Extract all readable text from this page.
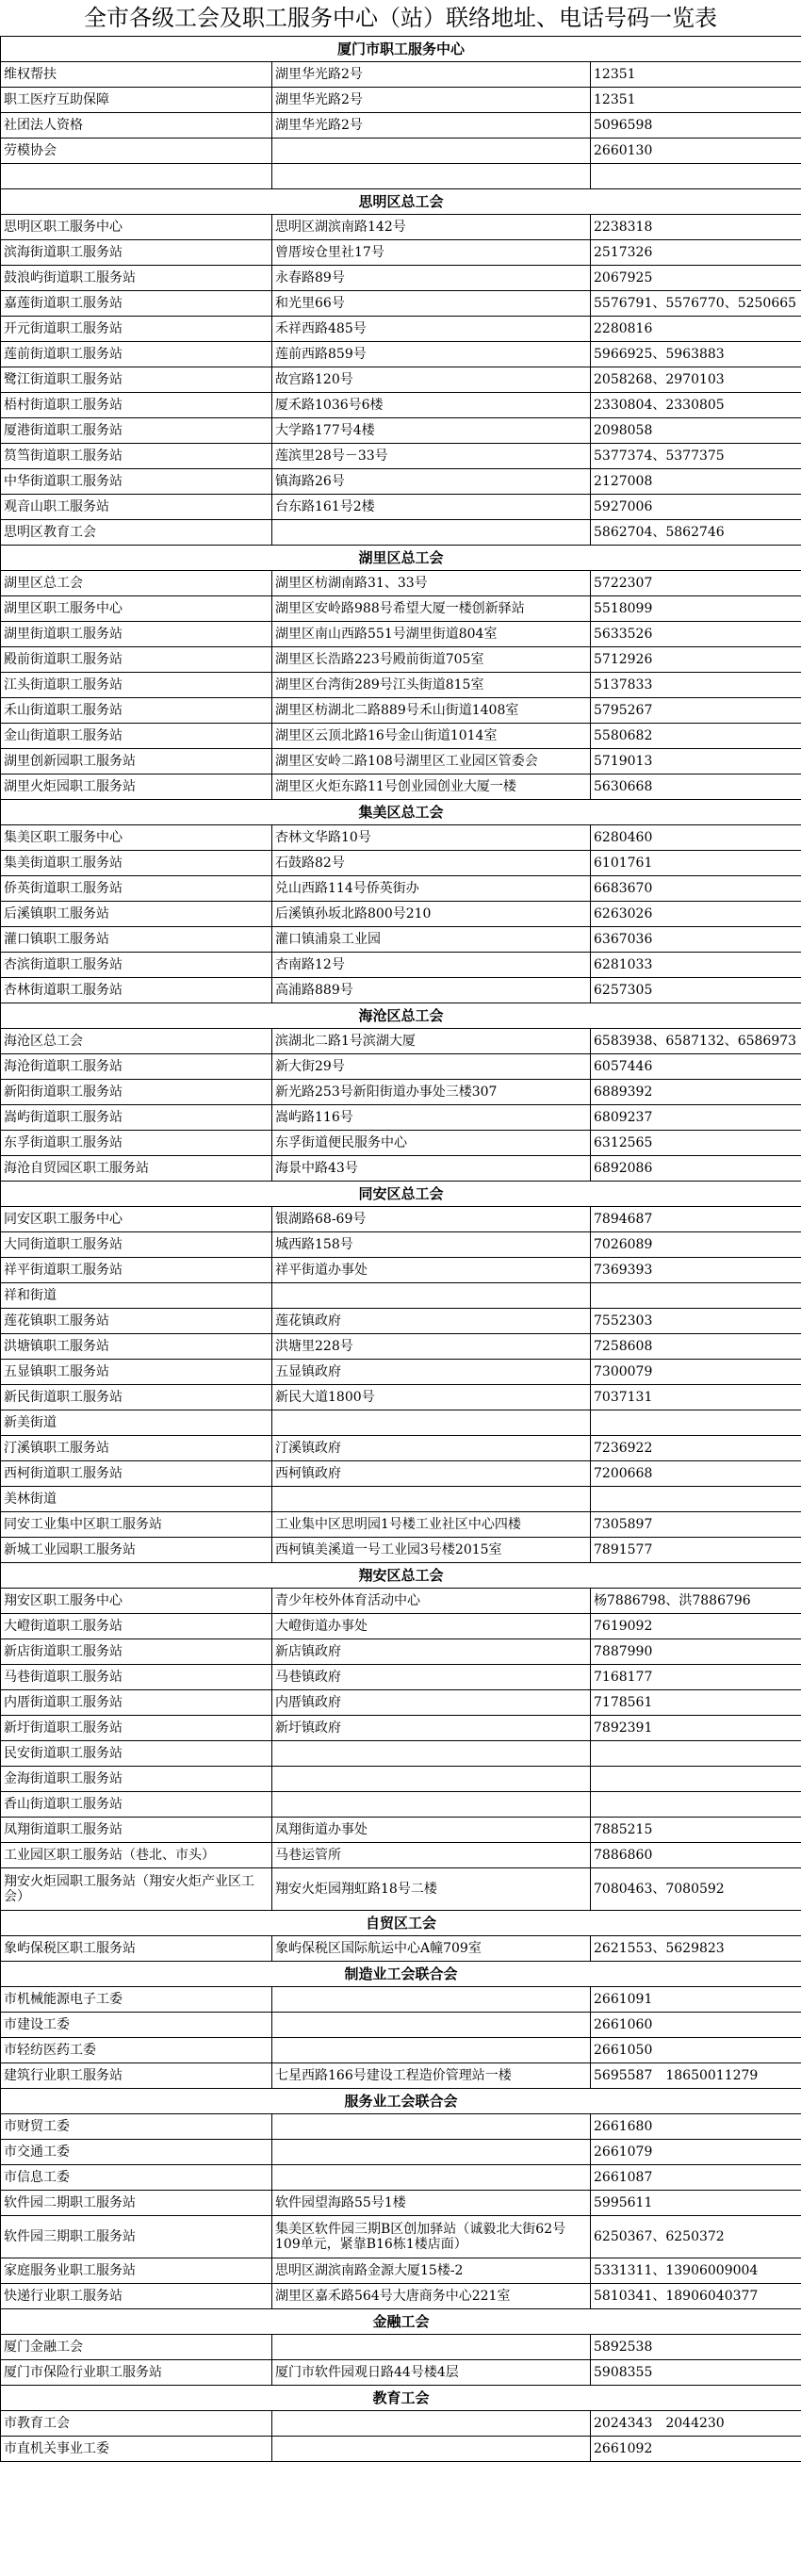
全市各级工会及职工服务中心（站）联络地址、电话号码一览表
厦门市职工服务中心		
维权帮扶	湖里华光路2号	12351
职工医疗互助保障	湖里华光路2号	12351
社团法人资格	湖里华光路2号	5096598
劳模协会		2660130

思明区总工会		
思明区职工服务中心	思明区湖滨南路142号	2238318
滨海街道职工服务站	曾厝垵仓里社17号	2517326
鼓浪屿街道职工服务站	永春路89号	2067925
嘉莲街道职工服务站	和光里66号	5576791、5576770、5250665
开元街道职工服务站	禾祥西路485号	2280816
莲前街道职工服务站	莲前西路859号	5966925、5963883
鹭江街道职工服务站	故宫路120号	2058268、2970103
梧村街道职工服务站	厦禾路1036号6楼	2330804、2330805
厦港街道职工服务站	大学路177号4楼	2098058
筼筜街道职工服务站	莲滨里28号－33号	5377374、5377375
中华街道职工服务站	镇海路26号	2127008
观音山职工服务站	台东路161号2楼	5927006
思明区教育工会		5862704、5862746
湖里区总工会		
湖里区总工会	湖里区枋湖南路31、33号	5722307
湖里区职工服务中心	湖里区安岭路988号希望大厦一楼创新驿站	5518099
湖里街道职工服务站	湖里区南山西路551号湖里街道804室	5633526
殿前街道职工服务站	湖里区长浩路223号殿前街道705室	5712926
江头街道职工服务站	湖里区台湾街289号江头街道815室	5137833
禾山街道职工服务站	湖里区枋湖北二路889号禾山街道1408室	5795267
金山街道职工服务站	湖里区云顶北路16号金山街道1014室	5580682
湖里创新园职工服务站	湖里区安岭二路108号湖里区工业园区管委会	5719013
湖里火炬园职工服务站	湖里区火炬东路11号创业园创业大厦一楼	5630668
集美区总工会		
集美区职工服务中心	杏林文华路10号	6280460
集美街道职工服务站	石鼓路82号	6101761
侨英街道职工服务站	兑山西路114号侨英街办	6683670
后溪镇职工服务站	后溪镇孙坂北路800号210	6263026
灌口镇职工服务站	灌口镇浦泉工业园	6367036
杏滨街道职工服务站	杏南路12号	6281033
杏林街道职工服务站	高浦路889号	6257305
海沧区总工会		
海沧区总工会	滨湖北二路1号滨湖大厦	6583938、6587132、6586973
海沧街道职工服务站	新大街29号	6057446
新阳街道职工服务站	新光路253号新阳街道办事处三楼307	6889392
嵩屿街道职工服务站	嵩屿路116号	6809237
东孚街道职工服务站	东孚街道便民服务中心	6312565
海沧自贸园区职工服务站	海景中路43号	6892086
同安区总工会		
同安区职工服务中心	银湖路68-69号	7894687
大同街道职工服务站	城西路158号	7026089
祥平街道职工服务站	祥平街道办事处	7369393
祥和街道		
莲花镇职工服务站	莲花镇政府	7552303
洪塘镇职工服务站	洪塘里228号	7258608
五显镇职工服务站	五显镇政府	7300079
新民街道职工服务站	新民大道1800号	7037131
新美街道		
汀溪镇职工服务站	汀溪镇政府	7236922
西柯街道职工服务站	西柯镇政府	7200668
美林街道		
同安工业集中区职工服务站	工业集中区思明园1号楼工业社区中心四楼	7305897
新城工业园职工服务站	西柯镇美溪道一号工业园3号楼2015室	7891577
翔安区总工会		
翔安区职工服务中心	青少年校外体育活动中心	杨7886798、洪7886796
大嶝街道职工服务站	大嶝街道办事处	7619092
新店街道职工服务站	新店镇政府	7887990
马巷街道职工服务站	马巷镇政府	7168177
内厝街道职工服务站	内厝镇政府	7178561
新圩街道职工服务站	新圩镇政府	7892391
民安街道职工服务站		
金海街道职工服务站		
香山街道职工服务站		
凤翔街道职工服务站	凤翔街道办事处	7885215
工业园区职工服务站（巷北、市头）	马巷运管所	7886860
翔安火炬园职工服务站（翔安火炬产业区工会）	翔安火炬园翔虹路18号二楼	7080463、7080592
自贸区工会		
象屿保税区职工服务站	象屿保税区国际航运中心A幢709室	2621553、5629823
制造业工会联合会		
市机械能源电子工委		2661091
市建设工委		2661060
市轻纺医药工委		2661050
建筑行业职工服务站	七星西路166号建设工程造价管理站一楼	5695587　18650011279
服务业工会联合会		
市财贸工委		2661680
市交通工委		2661079
市信息工委		2661087
软件园二期职工服务站	软件园望海路55号1楼	5995611
软件园三期职工服务站	集美区软件园三期B区创加驿站（诚毅北大街62号109单元，紧靠B16栋1楼店面）	6250367、6250372
家庭服务业职工服务站	思明区湖滨南路金源大厦15楼-2	5331311、13906009004
快递行业职工服务站	湖里区嘉禾路564号大唐商务中心221室	5810341、18906040377
金融工会		
厦门金融工会		5892538
厦门市保险行业职工服务站	厦门市软件园观日路44号楼4层	5908355
教育工会		
市教育工会		2024343　2044230
市直机关事业工委		2661092
